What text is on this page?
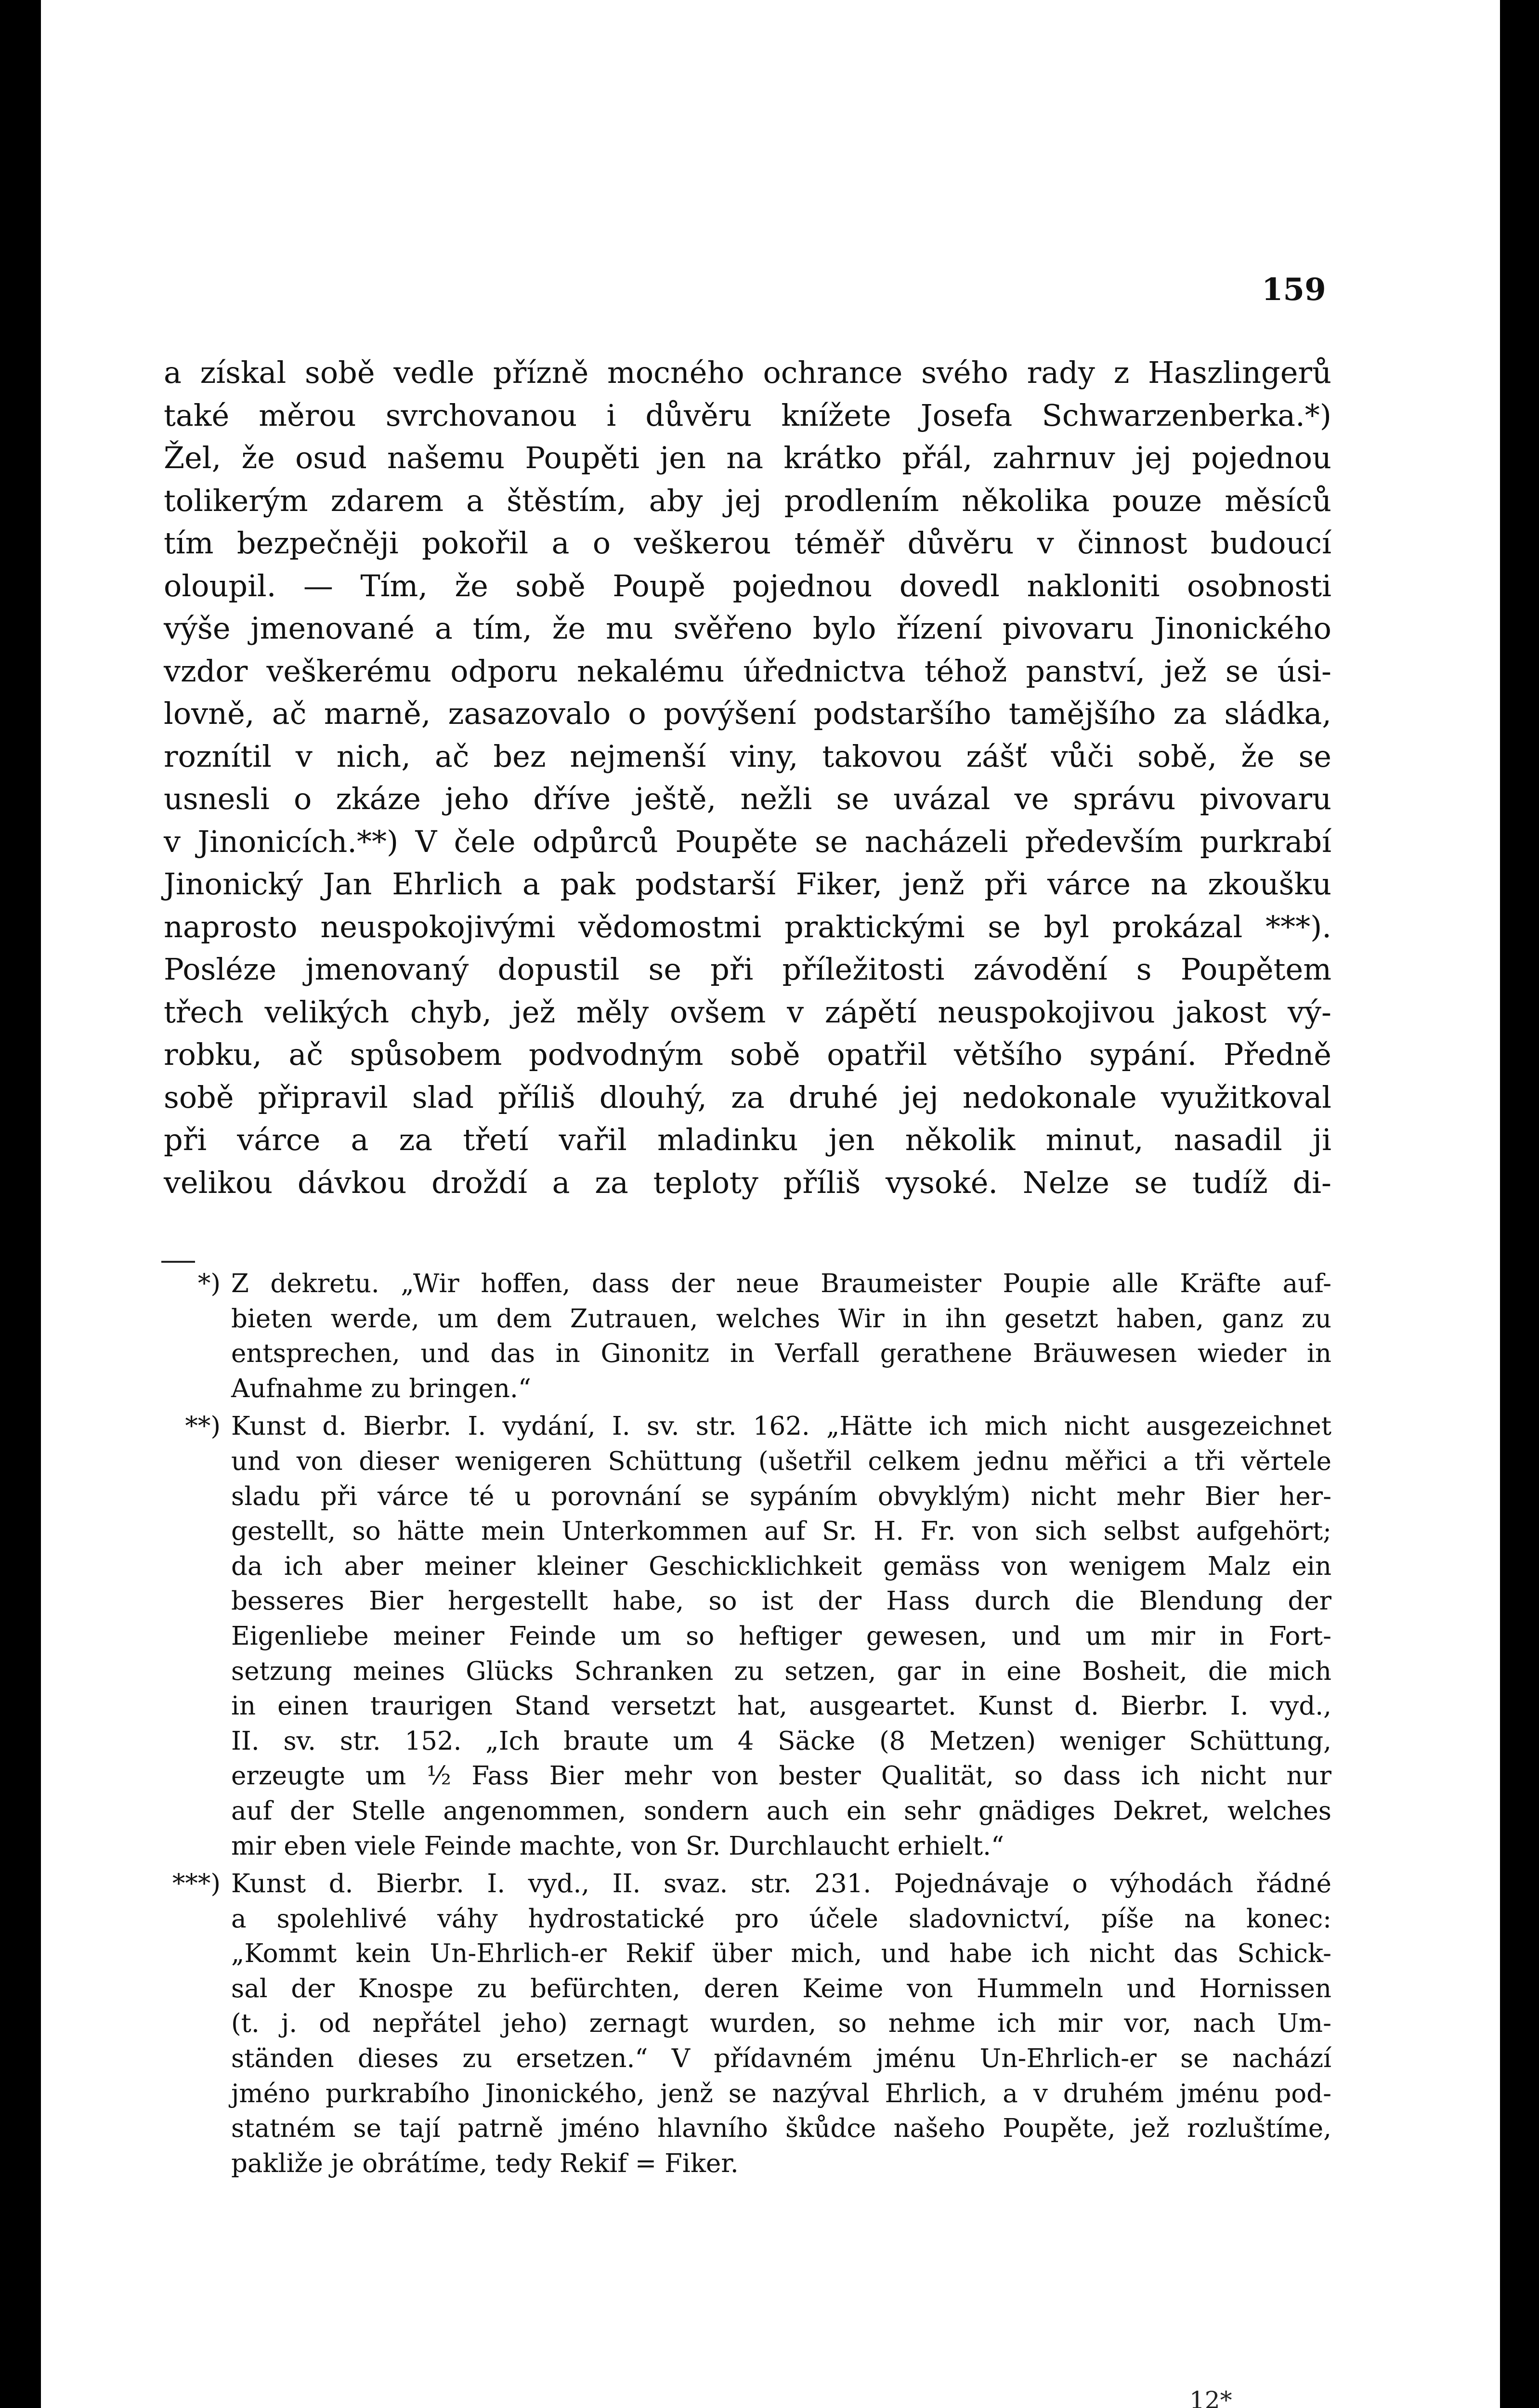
159

a získal sobě vedle přízně mocného ochrance svého rady z Haszlingerů
také měrou svrchovanou i důvěru knížete Josefa Schwarzenberka.*)
Žel, že osud našemu Poupěti jen na krátko přál, zahrnuv jej pojednou
tolikerým zdarem a štěstím, aby jej prodlením několika pouze měsíců
tím bezpečněji pokořil a o veškerou téměř důvěru v činnost budoucí
oloupil. — Tím, že sobě Poupě pojednou dovedl nakloniti osobnosti
výše jmenované a tím, že mu svěřeno bylo řízení pivovaru Jinonického
vzdor veškerému odporu nekalému úřednictva téhož panství, jež se úsi-
lovně, ač marně, zasazovalo o povýšení podstaršího tamějšího za sládka,
roznítil v nich, ač bez nejmenší viny, takovou zášť vůči sobě, že se
usnesli o zkáze jeho dříve ještě, nežli se uvázal ve správu pivovaru
v Jinonicích.**) V čele odpůrců Poupěte se nacházeli především purkrabí
Jinonický Jan Ehrlich a pak podstarší Fiker, jenž při várce na zkoušku
naprosto neuspokojivými vědomostmi praktickými se byl prokázal ***).
Posléze jmenovaný dopustil se při příležitosti závodění s Poupětem
třech velikých chyb, jež měly ovšem v zápětí neuspokojivou jakost vý-
robku, ač spůsobem podvodným sobě opatřil většího sypání. Předně
sobě připravil slad příliš dlouhý, za druhé jej nedokonale využitkoval
při várce a za třetí vařil mladinku jen několik minut, nasadil ji
velikou dávkou droždí a za teploty příliš vysoké. Nelze se tudíž di-
*) Z dekretu. „Wir hoffen, dass der neue Braumeister Poupie alle Kräfte auf-
bieten werde, um dem Zutrauen, welches Wir in ihn gesetzt haben, ganz zu
entsprechen, und das in Ginonitz in Verfall gerathene Bräuwesen wieder in
Aufnahme zu bringen.“
**) Kunst d. Bierbr. I. vydání, I. sv. str. 162. „Hätte ich mich nicht ausgezeichnet
und von dieser wenigeren Schüttung (ušetřil celkem jednu měřici a tři věrtele
sladu při várce té u porovnání se sypáním obvyklým) nicht mehr Bier her-
gestellt, so hätte mein Unterkommen auf Sr. H. Fr. von sich selbst aufgehört;
da ich aber meiner kleiner Geschicklichkeit gemäss von wenigem Malz ein
besseres Bier hergestellt habe, so ist der Hass durch die Blendung der
Eigenliebe meiner Feinde um so heftiger gewesen, und um mir in Fort-
setzung meines Glücks Schranken zu setzen, gar in eine Bosheit, die mich
in einen traurigen Stand versetzt hat, ausgeartet. Kunst d. Bierbr. I. vyd.,
II. sv. str. 152. „Ich braute um 4 Säcke (8 Metzen) weniger Schüttung,
erzeugte um ½ Fass Bier mehr von bester Qualität, so dass ich nicht nur
auf der Stelle angenommen, sondern auch ein sehr gnädiges Dekret, welches
mir eben viele Feinde machte, von Sr. Durchlaucht erhielt.“
***) Kunst d. Bierbr. I. vyd., II. svaz. str. 231. Pojednávaje o výhodách řádné
a spolehlivé váhy hydrostatické pro účele sladovnictví, píše na konec:
„Kommt kein Un-Ehrlich-er Rekif über mich, und habe ich nicht das Schick-
sal der Knospe zu befürchten, deren Keime von Hummeln und Hornissen
(t. j. od nepřátel jeho) zernagt wurden, so nehme ich mir vor, nach Um-
ständen dieses zu ersetzen.“ V přídavném jménu Un-Ehrlich-er se nachází
jméno purkrabího Jinonického, jenž se nazýval Ehrlich, a v druhém jménu pod-
statném se tají patrně jméno hlavního škůdce našeho Poupěte, jež rozluštíme,
pakliže je obrátíme, tedy Rekif = Fiker.

12*
